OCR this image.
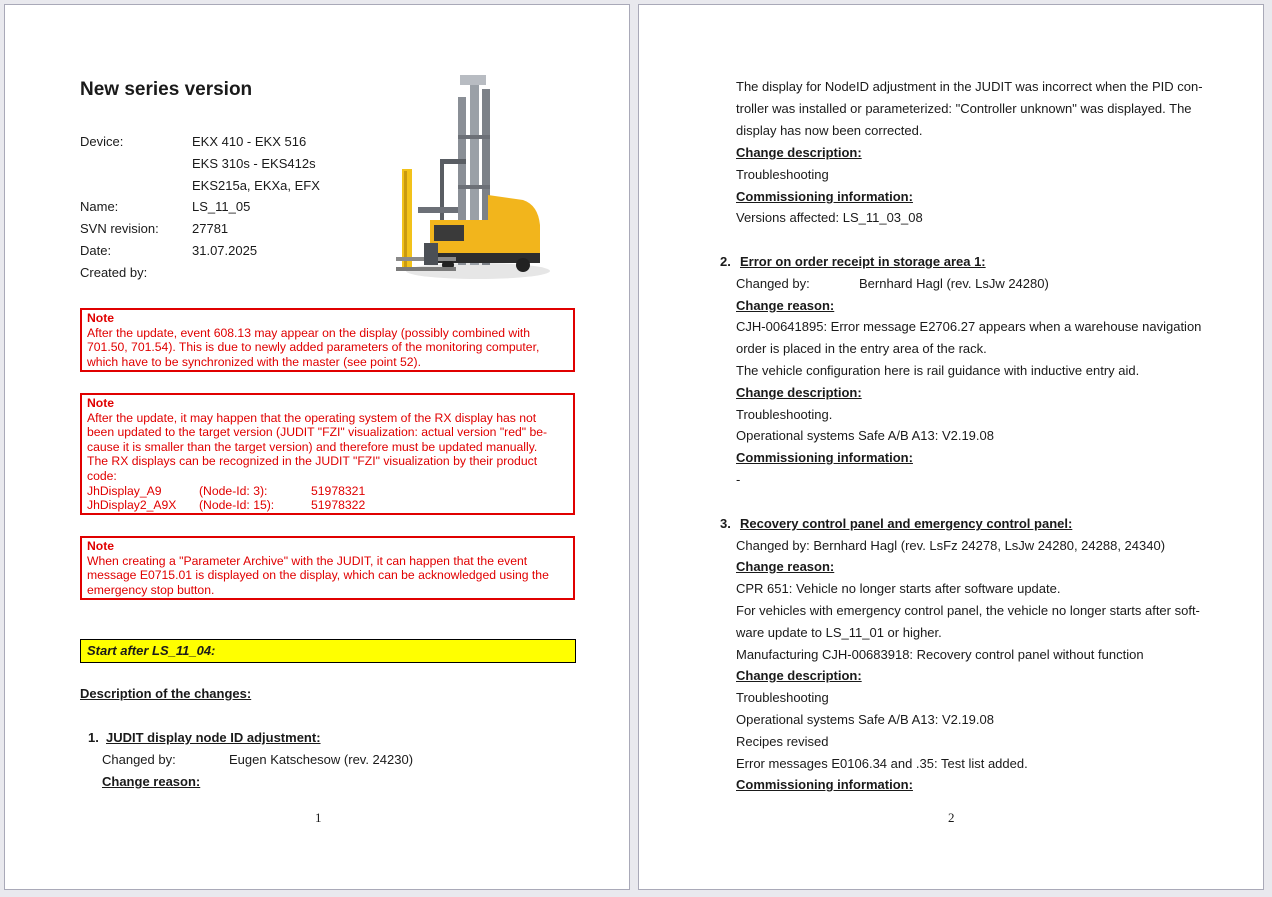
New series version
Device:	EKX 410 - EKX 516
EKS 310s - EKS412s
EKS215a, EKXa, EFX
Name:	LS_11_05
SVN revision:	27781
Date:	31.07.2025
Created by:
Note
After the update, event 608.13 may appear on the display (possibly combined with
701.50, 701.54). This is due to newly added parameters of the monitoring computer,
which have to be synchronized with the master (see point 52).
Note
After the update, it may happen that the operating system of the RX display has not
been updated to the target version (JUDIT "FZI" visualization: actual version "red" be-
cause it is smaller than the target version) and therefore must be updated manually.
The RX displays can be recognized in the JUDIT "FZI" visualization by their product
code:
JhDisplay_A9	(Node-Id: 3):	51978321
JhDisplay2_A9X (Node-Id: 15):	51978322
Note
When creating a "Parameter Archive" with the JUDIT, it can happen that the event
message E0715.01 is displayed on the display, which can be acknowledged using the
emergency stop button.
Start after LS_11_04:
Description of the changes:
1. JUDIT display node ID adjustment:
Changed by:	Eugen Katschesow (rev. 24230)
Change reason:
1
The display for NodeID adjustment in the JUDIT was incorrect when the PID con-
troller was installed or parameterized: "Controller unknown" was displayed. The
display has now been corrected.
Change description:
Troubleshooting
Commissioning information:
Versions affected: LS_11_03_08
2. Error on order receipt in storage area 1:
Changed by:	Bernhard Hagl (rev. LsJw 24280)
Change reason:
CJH-00641895: Error message E2706.27 appears when a warehouse navigation
order is placed in the entry area of the rack.
The vehicle configuration here is rail guidance with inductive entry aid.
Change description:
Troubleshooting.
Operational systems Safe A/B A13: V2.19.08
Commissioning information:
-
3. Recovery control panel and emergency control panel:
Changed by: Bernhard Hagl (rev. LsFz 24278, LsJw 24280, 24288, 24340)
Change reason:
CPR 651: Vehicle no longer starts after software update.
For vehicles with emergency control panel, the vehicle no longer starts after soft-
ware update to LS_11_01 or higher.
Manufacturing CJH-00683918: Recovery control panel without function
Change description:
Troubleshooting
Operational systems Safe A/B A13: V2.19.08
Recipes revised
Error messages E0106.34 and .35: Test list added.
Commissioning information:
2
